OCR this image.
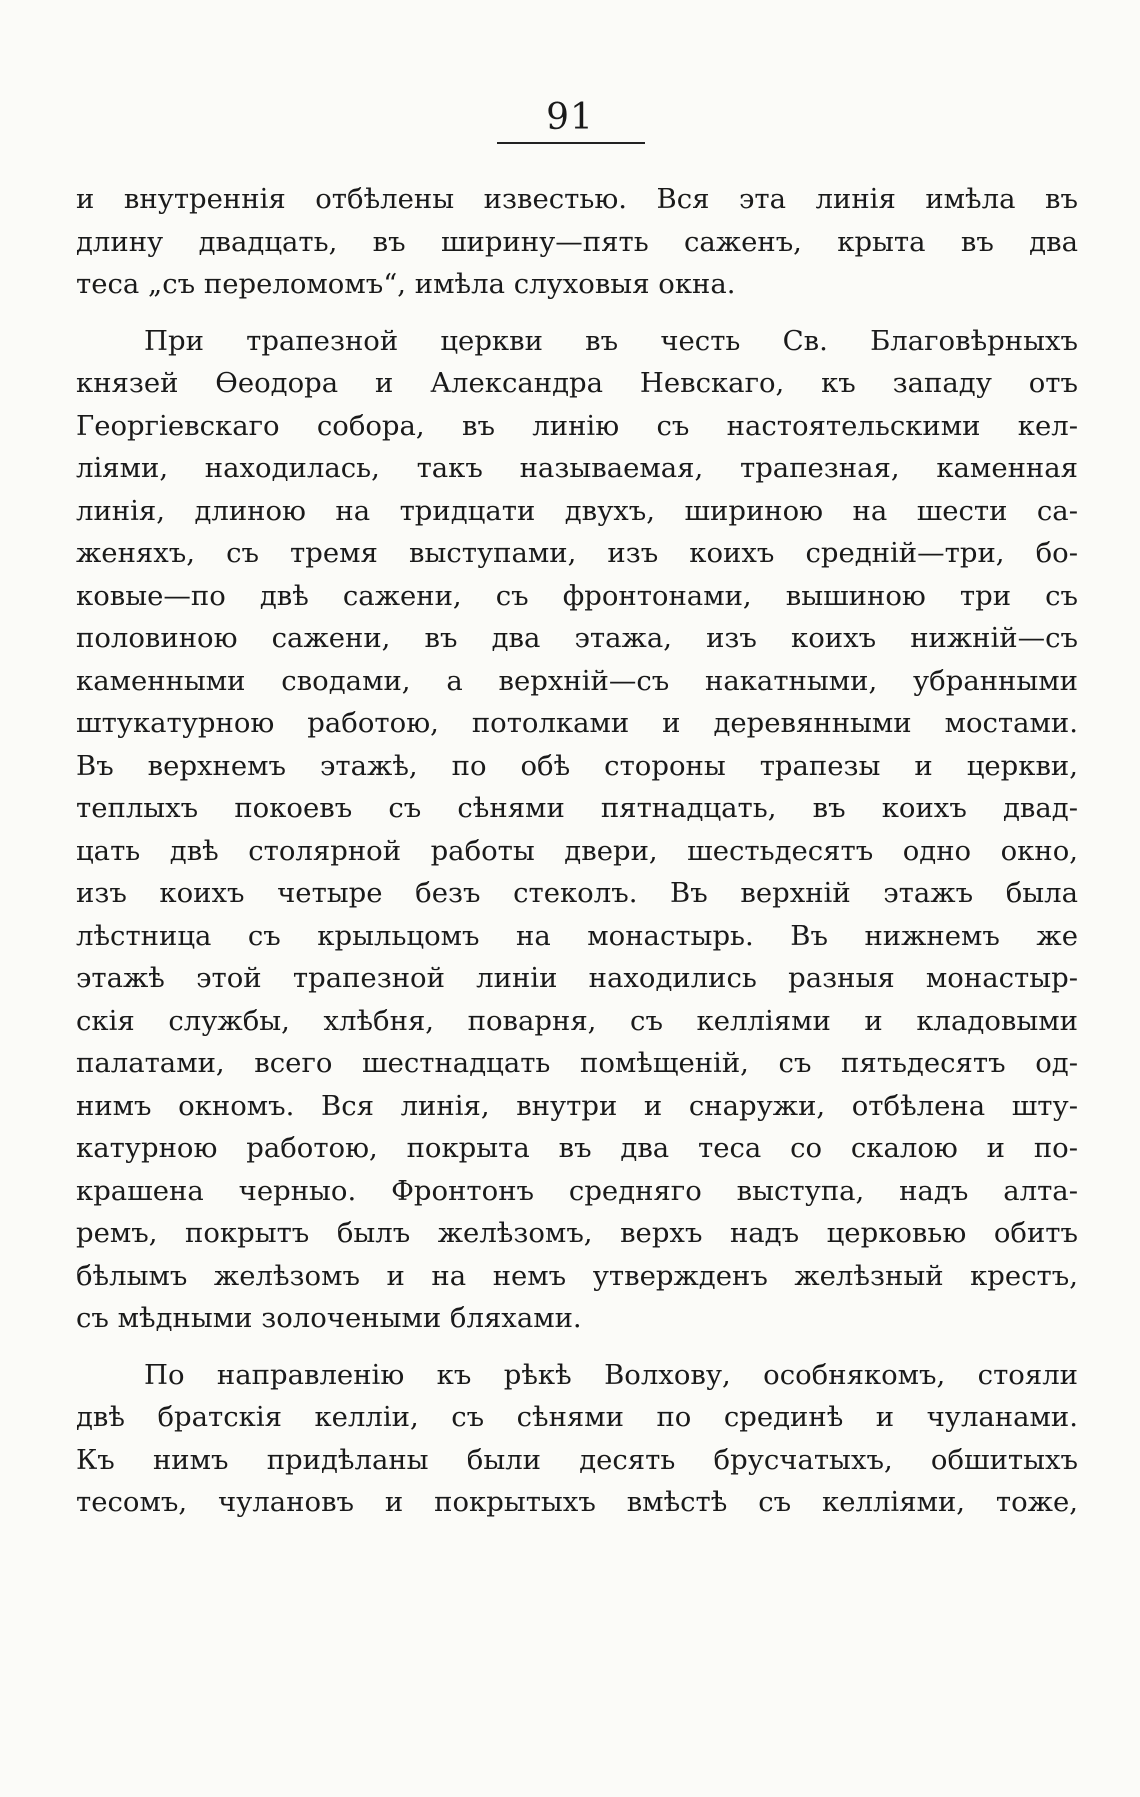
91
и внутреннія отбѣлены известью. Вся эта линія имѣла въ
длину двадцать, въ ширину—пять саженъ, крыта въ два
теса „съ переломомъ“, имѣла слуховыя окна.
При трапезной церкви въ честь Св. Благовѣрныхъ
князей Ѳеодора и Александра Невскаго, къ западу отъ
Георгіевскаго собора, въ линію съ настоятельскими кел-
ліями, находилась, такъ называемая, трапезная, каменная
линія, длиною на тридцати двухъ, шириною на шести са-
женяхъ, съ тремя выступами, изъ коихъ средній—три, бо-
ковые—по двѣ сажени, съ фронтонами, вышиною три съ
половиною сажени, въ два этажа, изъ коихъ нижній—съ
каменными сводами, а верхній—съ накатными, убранными
штукатурною работою, потолками и деревянными мостами.
Въ верхнемъ этажѣ, по обѣ стороны трапезы и церкви,
теплыхъ покоевъ съ сѣнями пятнадцать, въ коихъ двад-
цать двѣ столярной работы двери, шестьдесятъ одно окно,
изъ коихъ четыре безъ стеколъ. Въ верхній этажъ была
лѣстница съ крыльцомъ на монастырь. Въ нижнемъ же
этажѣ этой трапезной линіи находились разныя монастыр-
скія службы, хлѣбня, поварня, съ келліями и кладовыми
палатами, всего шестнадцать помѣщеній, съ пятьдесятъ од-
нимъ окномъ. Вся линія, внутри и снаружи, отбѣлена шту-
катурною работою, покрыта въ два теса со скалою и по-
крашена черныо. Фронтонъ средняго выступа, надъ алта-
ремъ, покрытъ былъ желѣзомъ, верхъ надъ церковью обитъ
бѣлымъ желѣзомъ и на немъ утвержденъ желѣзный крестъ,
съ мѣдными золочеными бляхами.
По направленію къ рѣкѣ Волхову, особнякомъ, стояли
двѣ братскія келліи, съ сѣнями по срединѣ и чуланами.
Къ нимъ придѣланы были десять брусчатыхъ, обшитыхъ
тесомъ, чулановъ и покрытыхъ вмѣстѣ съ келліями, тоже,
